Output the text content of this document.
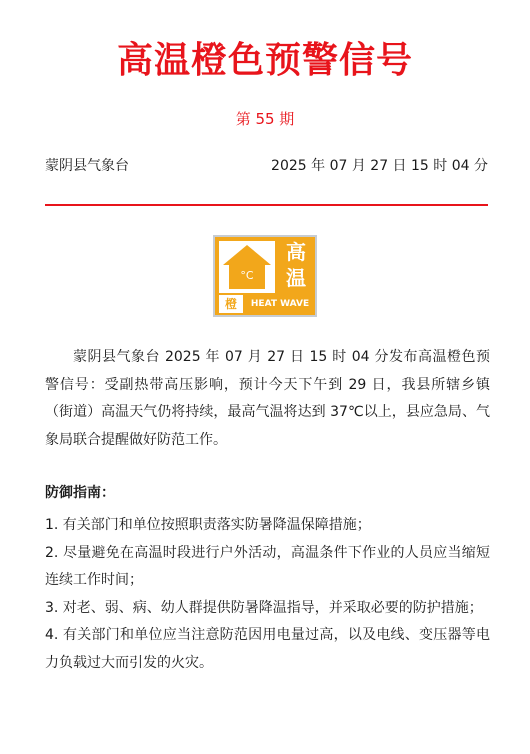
高温橙色预警信号
第 55 期
蒙阴县气象台	2025 年 07 月 27 日 15 时 04 分
°C
高
温
橙	HEAT WAVE

蒙阴县气象台 2025 年 07 月 27 日 15 时 04 分发布高温橙色预警信号：受副热带高压影响，预计今天下午到 29 日，我县所辖乡镇（街道）高温天气仍将持续，最高气温将达到 37℃以上，县应急局、气象局联合提醒做好防范工作。

防御指南：
1. 有关部门和单位按照职责落实防暑降温保障措施；
2. 尽量避免在高温时段进行户外活动，高温条件下作业的人员应当缩短连续工作时间；
3. 对老、弱、病、幼人群提供防暑降温指导，并采取必要的防护措施；
4. 有关部门和单位应当注意防范因用电量过高，以及电线、变压器等电力负载过大而引发的火灾。
